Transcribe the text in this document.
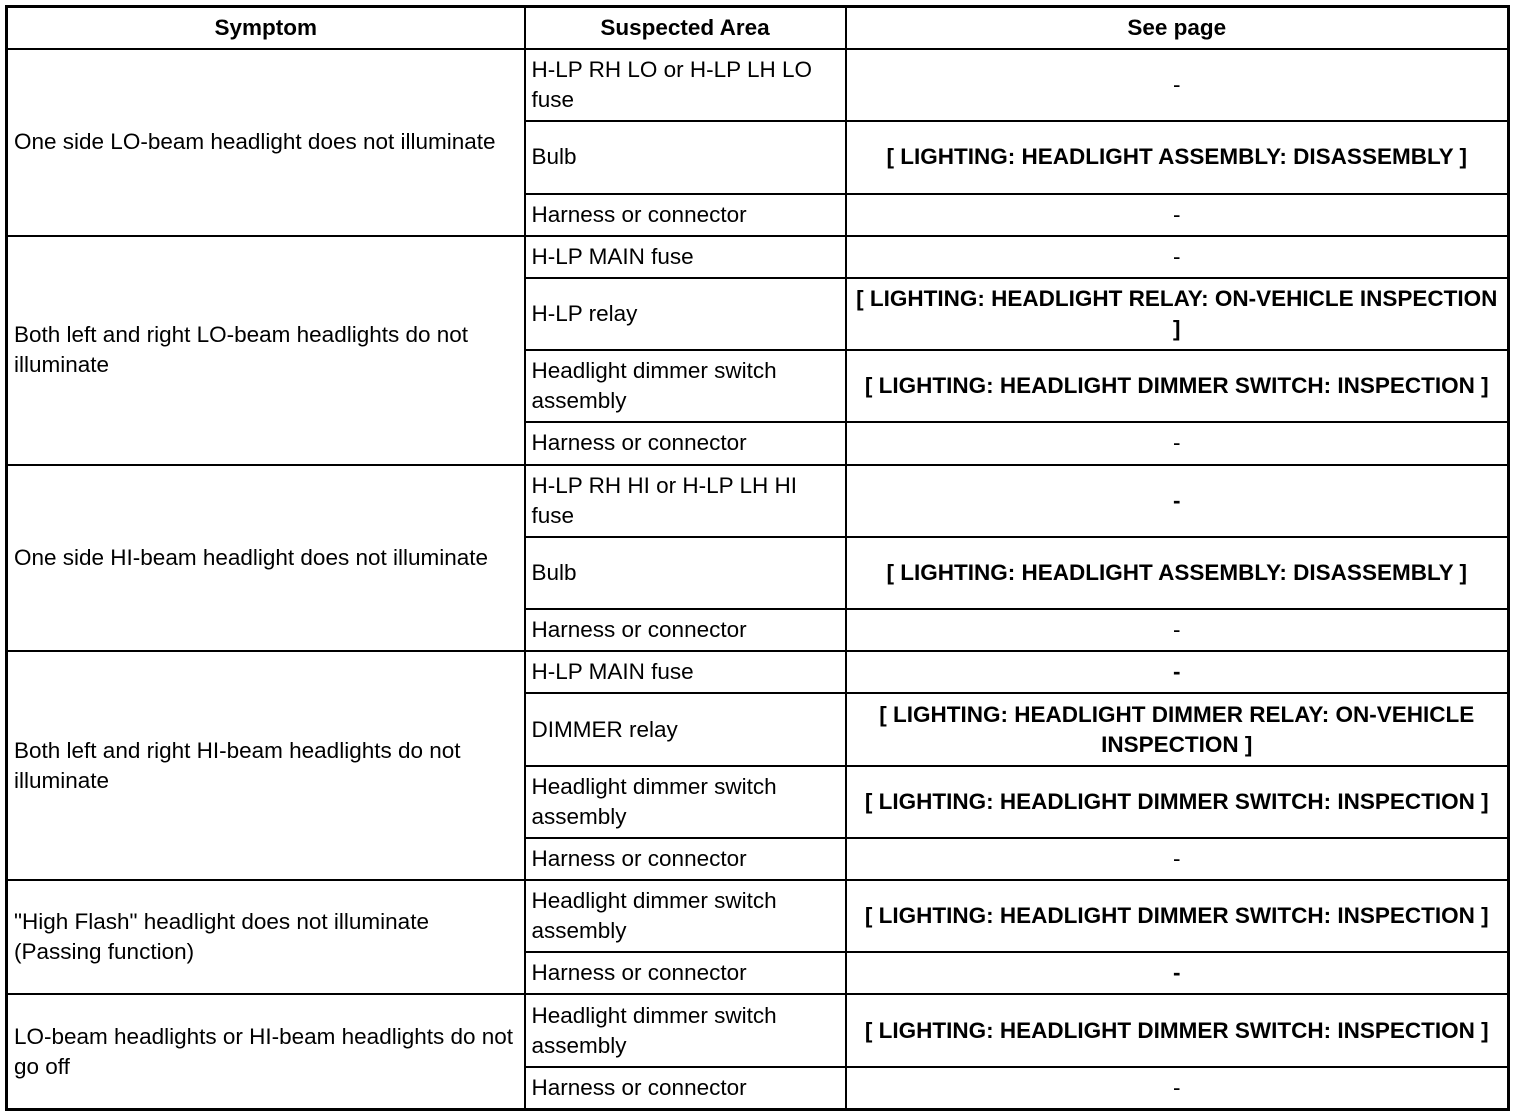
Symptom	Suspected Area	See page
One side LO-beam headlight does not illuminate	H-LP RH LO or H-LP LH LO fuse	-
	Bulb	[ LIGHTING: HEADLIGHT ASSEMBLY: DISASSEMBLY ]
	Harness or connector	-
Both left and right LO-beam headlights do not illuminate	H-LP MAIN fuse	-
	H-LP relay	[ LIGHTING: HEADLIGHT RELAY: ON-VEHICLE INSPECTION ]
	Headlight dimmer switch assembly	[ LIGHTING: HEADLIGHT DIMMER SWITCH: INSPECTION ]
	Harness or connector	-
One side HI-beam headlight does not illuminate	H-LP RH HI or H-LP LH HI fuse	-
	Bulb	[ LIGHTING: HEADLIGHT ASSEMBLY: DISASSEMBLY ]
	Harness or connector	-
Both left and right HI-beam headlights do not illuminate	H-LP MAIN fuse	-
	DIMMER relay	[ LIGHTING: HEADLIGHT DIMMER RELAY: ON-VEHICLE INSPECTION ]
	Headlight dimmer switch assembly	[ LIGHTING: HEADLIGHT DIMMER SWITCH: INSPECTION ]
	Harness or connector	-
"High Flash" headlight does not illuminate (Passing function)	Headlight dimmer switch assembly	[ LIGHTING: HEADLIGHT DIMMER SWITCH: INSPECTION ]
	Harness or connector	-
LO-beam headlights or HI-beam headlights do not go off	Headlight dimmer switch assembly	[ LIGHTING: HEADLIGHT DIMMER SWITCH: INSPECTION ]
	Harness or connector	-
